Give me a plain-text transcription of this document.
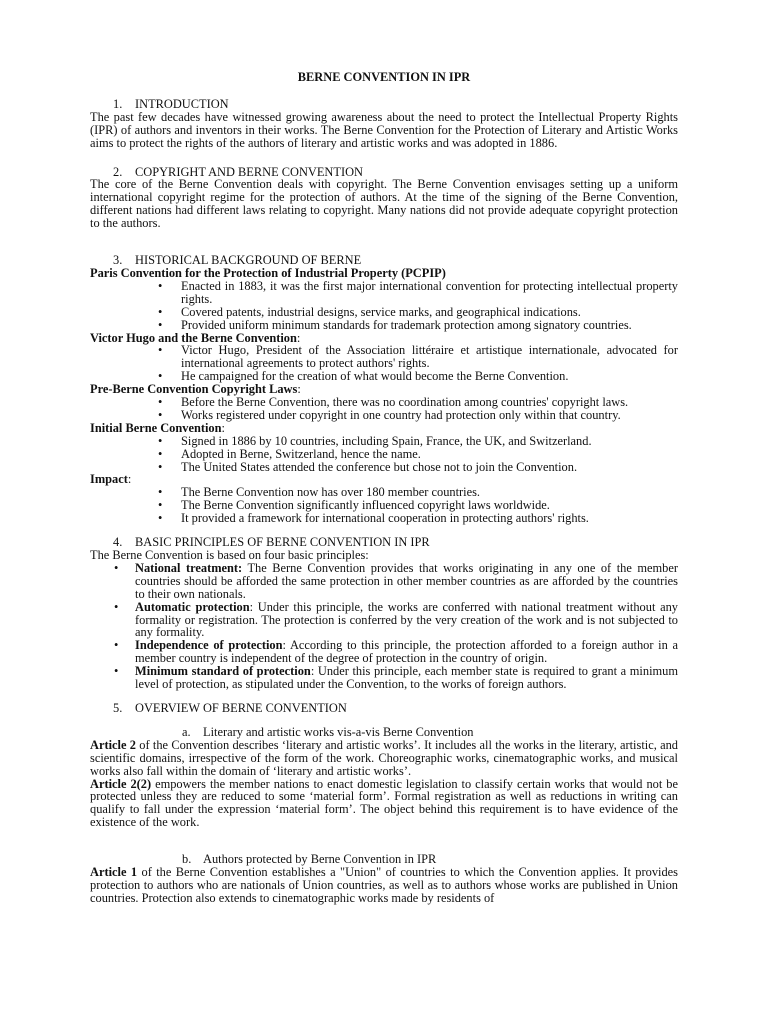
BERNE CONVENTION IN IPR

1. INTRODUCTION

The past few decades have witnessed growing awareness about the need to protect the Intellectual Property Rights (IPR) of authors and inventors in their works. The Berne Convention for the Protection of Literary and Artistic Works aims to protect the rights of the authors of literary and artistic works and was adopted in 1886.

2. COPYRIGHT AND BERNE CONVENTION

The core of the Berne Convention deals with copyright. The Berne Convention envisages setting up a uniform international copyright regime for the protection of authors. At the time of the signing of the Berne Convention, different nations had different laws relating to copyright. Many nations did not provide adequate copyright protection to the authors.

3. HISTORICAL BACKGROUND OF BERNE

Paris Convention for the Protection of Industrial Property (PCPIP)

• Enacted in 1883, it was the first major international convention for protecting intellectual property rights.
• Covered patents, industrial designs, service marks, and geographical indications.
• Provided uniform minimum standards for trademark protection among signatory countries.

Victor Hugo and the Berne Convention:

• Victor Hugo, President of the Association littéraire et artistique internationale, advocated for international agreements to protect authors' rights.
• He campaigned for the creation of what would become the Berne Convention.

Pre-Berne Convention Copyright Laws:

• Before the Berne Convention, there was no coordination among countries' copyright laws.
• Works registered under copyright in one country had protection only within that country.

Initial Berne Convention:

• Signed in 1886 by 10 countries, including Spain, France, the UK, and Switzerland.
• Adopted in Berne, Switzerland, hence the name.
• The United States attended the conference but chose not to join the Convention.

Impact:

• The Berne Convention now has over 180 member countries.
• The Berne Convention significantly influenced copyright laws worldwide.
• It provided a framework for international cooperation in protecting authors' rights.

4. BASIC PRINCIPLES OF BERNE CONVENTION IN IPR

The Berne Convention is based on four basic principles:

• National treatment: The Berne Convention provides that works originating in any one of the member countries should be afforded the same protection in other member countries as are afforded by the countries to their own nationals.
• Automatic protection: Under this principle, the works are conferred with national treatment without any formality or registration. The protection is conferred by the very creation of the work and is not subjected to any formality.
• Independence of protection: According to this principle, the protection afforded to a foreign author in a member country is independent of the degree of protection in the country of origin.
• Minimum standard of protection: Under this principle, each member state is required to grant a minimum level of protection, as stipulated under the Convention, to the works of foreign authors.

5. OVERVIEW OF BERNE CONVENTION

a. Literary and artistic works vis-a-vis Berne Convention

Article 2 of the Convention describes ‘literary and artistic works’. It includes all the works in the literary, artistic, and scientific domains, irrespective of the form of the work. Choreographic works, cinematographic works, and musical works also fall within the domain of ‘literary and artistic works’.

Article 2(2) empowers the member nations to enact domestic legislation to classify certain works that would not be protected unless they are reduced to some ‘material form’. Formal registration as well as reductions in writing can qualify to fall under the expression ‘material form’. The object behind this requirement is to have evidence of the existence of the work.

b. Authors protected by Berne Convention in IPR

Article 1 of the Berne Convention establishes a "Union" of countries to which the Convention applies. It provides protection to authors who are nationals of Union countries, as well as to authors whose works are published in Union countries. Protection also extends to cinematographic works made by residents of
